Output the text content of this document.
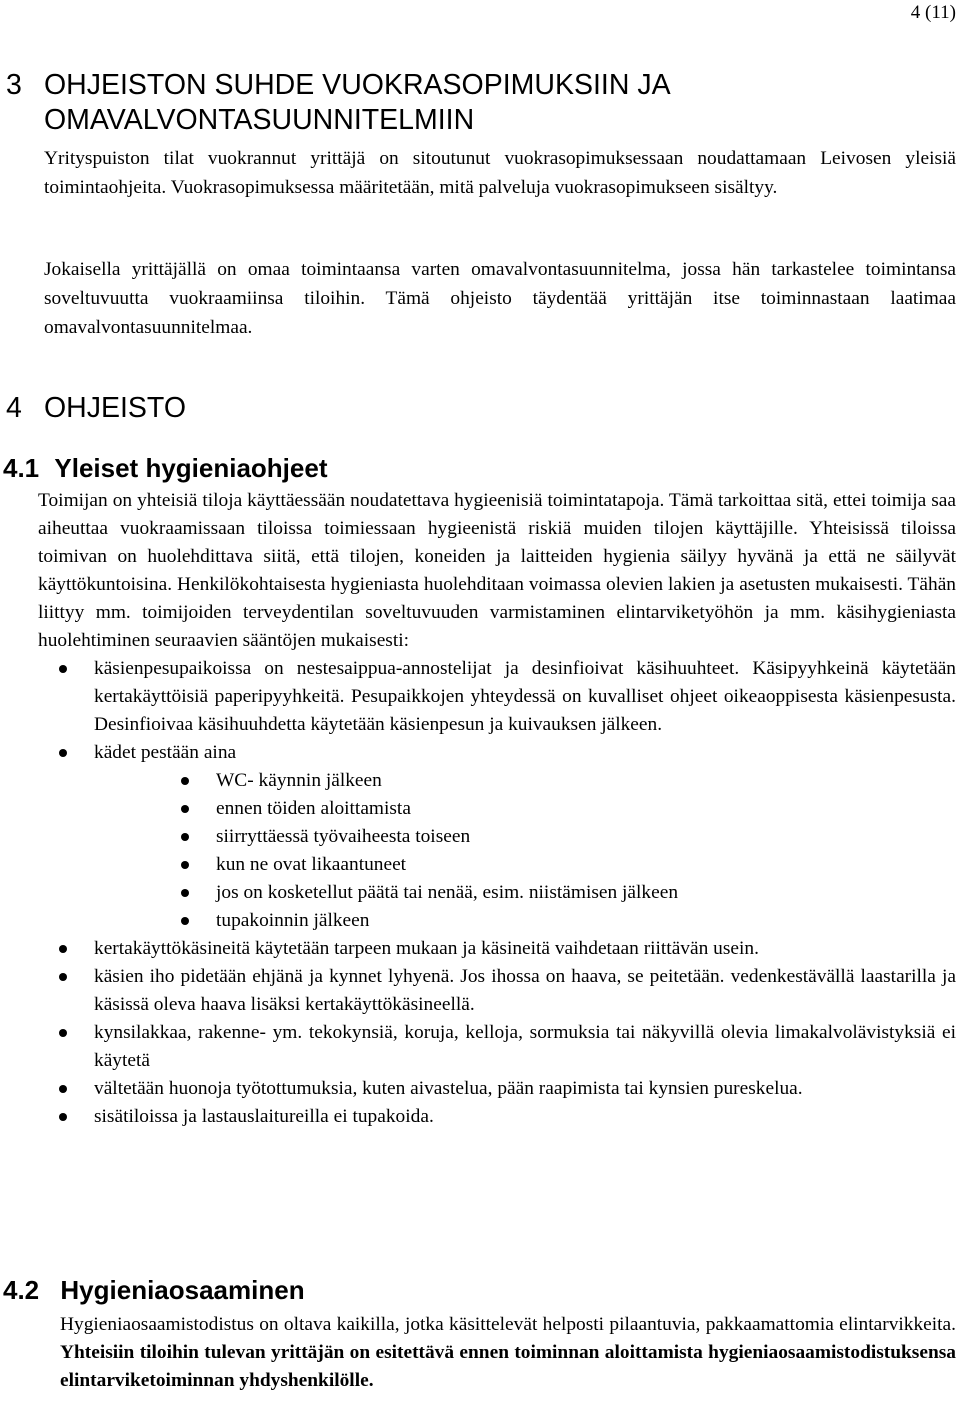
4 (11)
3 OHJEISTON SUHDE VUOKRASOPIMUKSIIN JA
OMAVALVONTASUUNNITELMIIN

Yrityspuiston tilat vuokrannut yrittäjä on sitoutunut vuokrasopimuksessaan noudattamaan Leivosen yleisiä toimintaohjeita. Vuokrasopimuksessa määritetään, mitä palveluja vuokrasopimukseen sisältyy.

Jokaisella yrittäjällä on omaa toimintaansa varten omavalvontasuunnitelma, jossa hän tarkastelee toimintansa soveltuvuutta vuokraamiinsa tiloihin. Tämä ohjeisto täydentää yrittäjän itse toiminnastaan laatimaa omavalvontasuunnitelmaa.

4 OHJEISTO
4.1 Yleiset hygieniaohjeet

Toimijan on yhteisiä tiloja käyttäessään noudatettava hygieenisiä toimintatapoja. Tämä tarkoittaa sitä, ettei toimija saa aiheuttaa vuokraamissaan tiloissa toimiessaan hygieenistä riskiä muiden tilojen käyttäjille. Yhteisissä tiloissa toimivan on huolehdittava siitä, että tilojen, koneiden ja laitteiden hygienia säilyy hyvänä ja että ne säilyvät käyttökuntoisina. Henkilökohtaisesta hygieniasta huolehditaan voimassa olevien lakien ja asetusten mukaisesti. Tähän liittyy mm. toimijoiden terveydentilan soveltuvuuden varmistaminen elintarviketyöhön ja mm. käsihygieniasta huolehtiminen seuraavien sääntöjen mukaisesti:

käsienpesupaikoissa on nestesaippua-annostelijat ja desinfioivat käsihuuhteet. Käsipyyhkeinä käytetään kertakäyttöisiä paperipyyhkeitä. Pesupaikkojen yhteydessä on kuvalliset ohjeet oikeaoppisesta käsienpesusta. Desinfioivaa käsihuuhdetta käytetään käsienpesun ja kuivauksen jälkeen.
kädet pestään aina
WC- käynnin jälkeen
ennen töiden aloittamista
siirryttäessä työvaiheesta toiseen
kun ne ovat likaantuneet
jos on kosketellut päätä tai nenää, esim. niistämisen jälkeen
tupakoinnin jälkeen
kertakäyttökäsineitä käytetään tarpeen mukaan ja käsineitä vaihdetaan riittävän usein.
käsien iho pidetään ehjänä ja kynnet lyhyenä. Jos ihossa on haava, se peitetään. vedenkestävällä laastarilla ja käsissä oleva haava lisäksi kertakäyttökäsineellä.
kynsilakkaa, rakenne- ym. tekokynsiä, koruja, kelloja, sormuksia tai näkyvillä olevia limakalvolävistyksiä ei käytetä
vältetään huonoja työtottumuksia, kuten aivastelua, pään raapimista tai kynsien pureskelua.
sisätiloissa ja lastauslaitureilla ei tupakoida.
4.2 Hygieniaosaaminen

Hygieniaosaamistodistus on oltava kaikilla, jotka käsittelevät helposti pilaantuvia, pakkaamattomia elintarvikkeita. Yhteisiin tiloihin tulevan yrittäjän on esitettävä ennen toiminnan aloittamista hygieniaosaamistodistuksensa elintarviketoiminnan yhdyshenkilölle.
